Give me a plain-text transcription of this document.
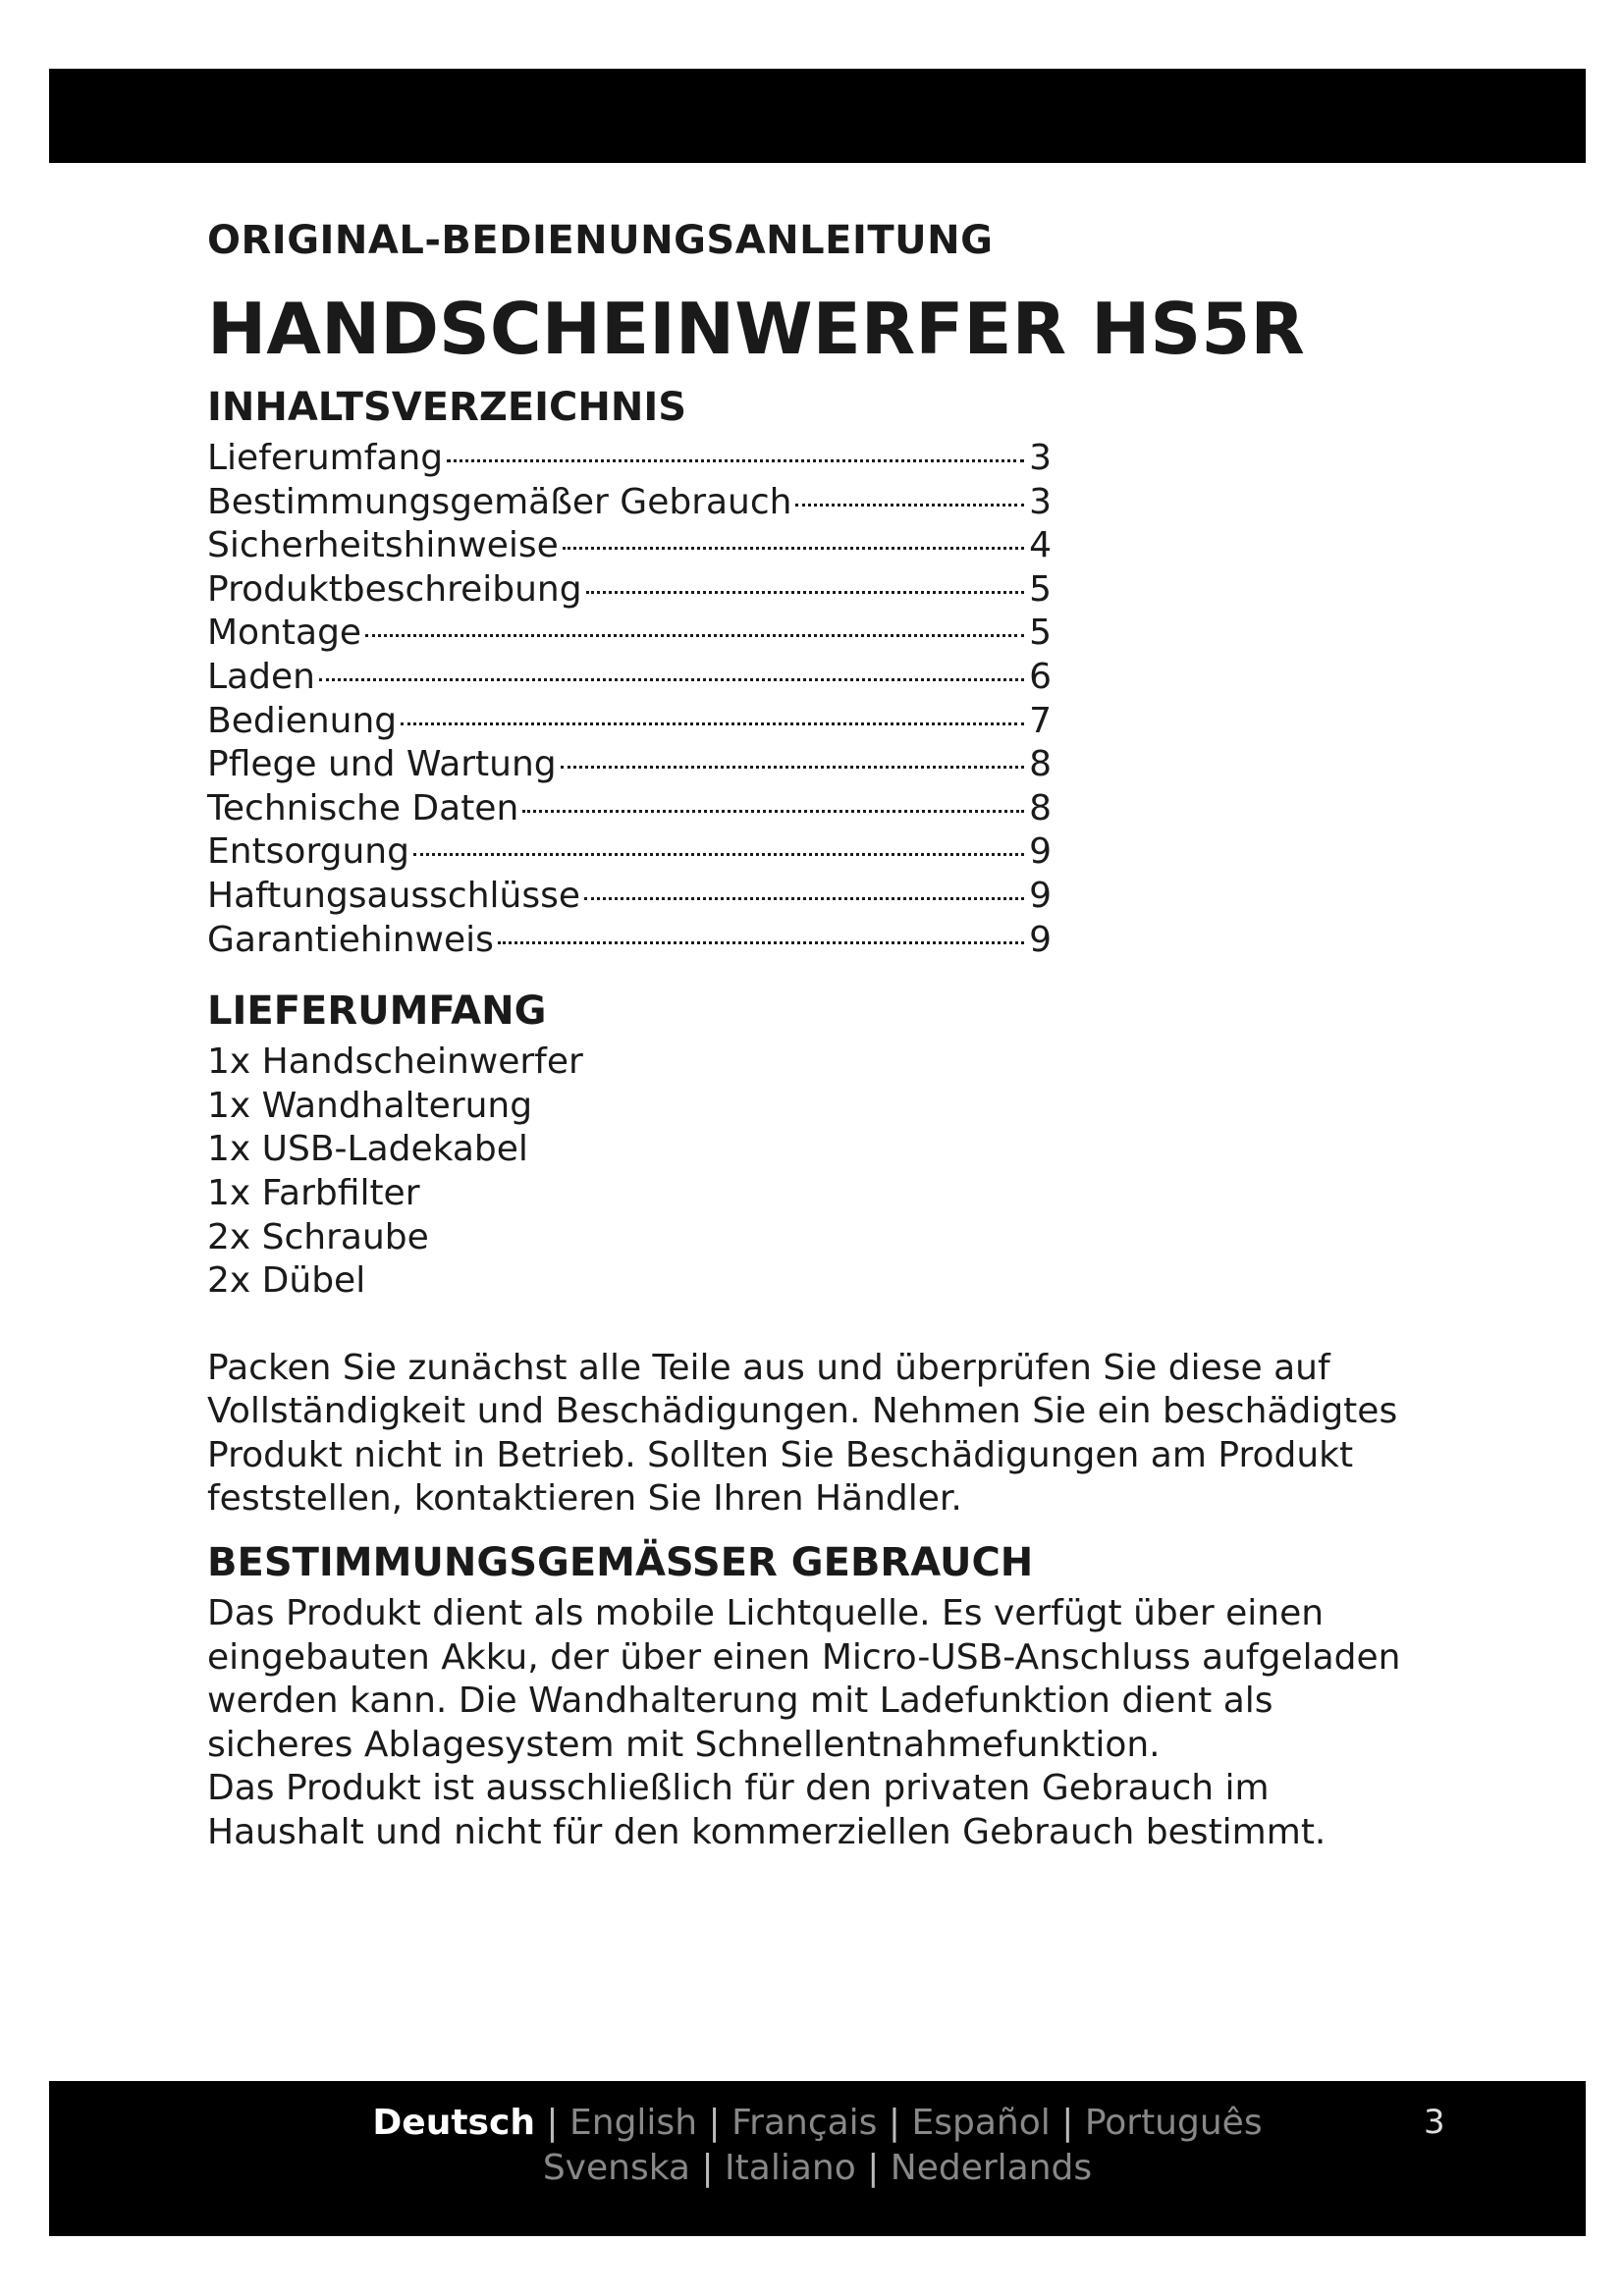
ORIGINAL-BEDIENUNGSANLEITUNG
HANDSCHEINWERFER HS5R
INHALTSVERZEICHNIS
Lieferumfang	3
Bestimmungsgemäßer Gebrauch	3
Sicherheitshinweise	4
Produktbeschreibung	5
Montage	5
Laden	6
Bedienung	7
Pflege und Wartung	8
Technische Daten	8
Entsorgung	9
Haftungsausschlüsse	9
Garantiehinweis	9
LIEFERUMFANG
1x Handscheinwerfer
1x Wandhalterung
1x USB-Ladekabel
1x Farbfilter
2x Schraube
2x Dübel

Packen Sie zunächst alle Teile aus und überprüfen Sie diese auf Vollständigkeit und Beschädigungen. Nehmen Sie ein beschädigtes Produkt nicht in Betrieb. Sollten Sie Beschädigungen am Produkt feststellen, kontaktieren Sie Ihren Händler.

BESTIMMUNGSGEMÄSSER GEBRAUCH

Das Produkt dient als mobile Lichtquelle. Es verfügt über einen eingebauten Akku, der über einen Micro-USB-Anschluss aufgeladen werden kann. Die Wandhalterung mit Ladefunktion dient als sicheres Ablagesystem mit Schnellentnahmefunktion.

Das Produkt ist ausschließlich für den privaten Gebrauch im Haushalt und nicht für den kommerziellen Gebrauch bestimmt.

Deutsch | English | Français | Español | Português
Svenska | Italiano | Nederlands
3
